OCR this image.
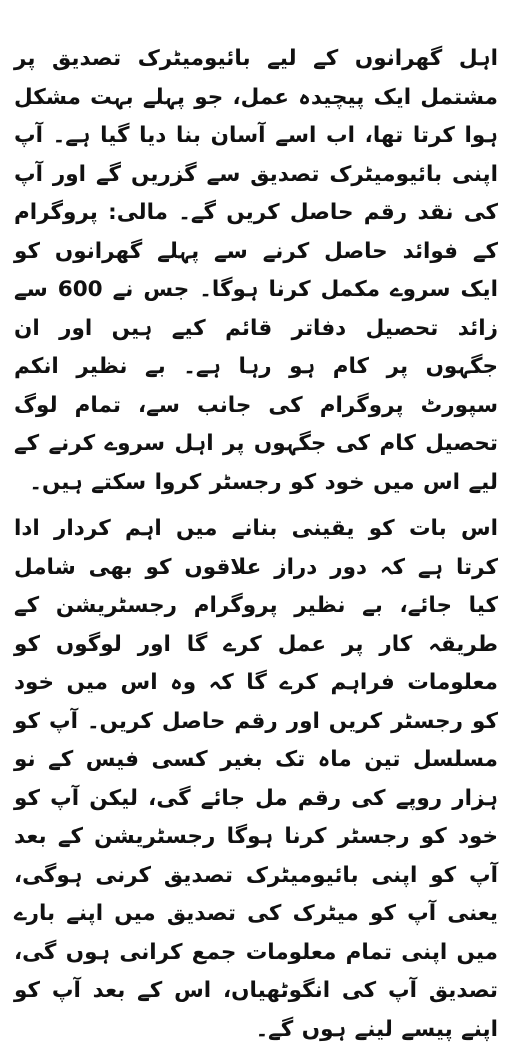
اہل گھرانوں کے لیے بائیومیٹرک تصدیق پر مشتمل ایک پیچیدہ عمل، جو پہلے بہت مشکل ہوا کرتا تھا، اب اسے آسان بنا دیا گیا ہے۔ آپ اپنی بائیومیٹرک تصدیق سے گزریں گے اور آپ کی نقد رقم حاصل کریں گے۔ مالی: پروگرام کے فوائد حاصل کرنے سے پہلے گھرانوں کو ایک سروے مکمل کرنا ہوگا۔ جس نے 600 سے زائد تحصیل دفاتر قائم کیے ہیں اور ان جگہوں پر کام ہو رہا ہے۔ بے نظیر انکم سپورٹ پروگرام کی جانب سے، تمام لوگ تحصیل کام کی جگہوں پر اہل سروے کرنے کے لیے اس میں خود کو رجسٹر کروا سکتے ہیں۔

اس بات کو یقینی بنانے میں اہم کردار ادا کرتا ہے کہ دور دراز علاقوں کو بھی شامل کیا جائے، بے نظیر پروگرام رجسٹریشن کے طریقہ کار پر عمل کرے گا اور لوگوں کو معلومات فراہم کرے گا کہ وہ اس میں خود کو رجسٹر کریں اور رقم حاصل کریں۔ آپ کو مسلسل تین ماہ تک بغیر کسی فیس کے نو ہزار روپے کی رقم مل جائے گی، لیکن آپ کو خود کو رجسٹر کرنا ہوگا رجسٹریشن کے بعد آپ کو اپنی بائیومیٹرک تصدیق کرنی ہوگی، یعنی آپ کو میٹرک کی تصدیق میں اپنے بارے میں اپنی تمام معلومات جمع کرانی ہوں گی، تصدیق آپ کی انگوٹھیاں، اس کے بعد آپ کو اپنے پیسے لینے ہوں گے۔
